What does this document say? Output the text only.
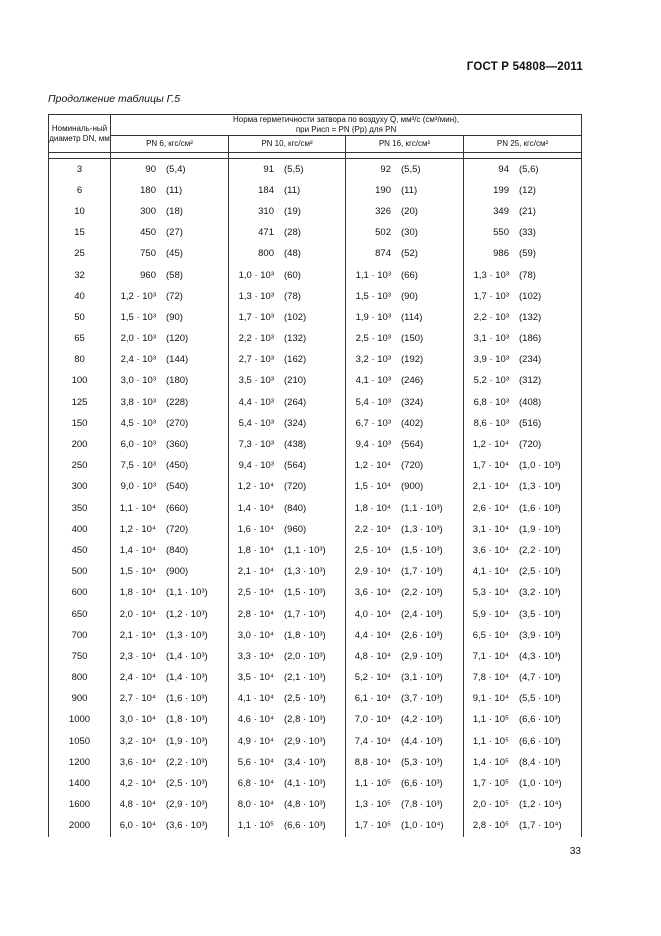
ГОСТ Р 54808—2011
Продолжение таблицы Г.5
Номиналь-ный диаметр DN, мм	Норма герметичности затвора по воздуху Q, мм³/с (см³/мин),
при Pисп = PN (Pр) для PN			

	PN 6, кгс/см²	PN 10, кгс/см²	PN 16, кгс/см²	PN 25, кгс/см²

3	90 (5,4)	91 (5,5)	92 (5,5)	94 (5,6)

6	180 (11)	184 (11)	190 (11)	199 (12)

10	300 (18)	310 (19)	326 (20)	349 (21)

15	450 (27)	471 (28)	502 (30)	550 (33)

25	750 (45)	800 (48)	874 (52)	986 (59)

32	960 (58)	1,0 · 10³ (60)	1,1 · 10³ (66)	1,3 · 10³ (78)

40	1,2 · 10³ (72)	1,3 · 10³ (78)	1,5 · 10³ (90)	1,7 · 10³ (102)

50	1,5 · 10³ (90)	1,7 · 10³ (102)	1,9 · 10³ (114)	2,2 · 10³ (132)

65	2,0 · 10³ (120)	2,2 · 10³ (132)	2,5 · 10³ (150)	3,1 · 10³ (186)

80	2,4 · 10³ (144)	2,7 · 10³ (162)	3,2 · 10³ (192)	3,9 · 10³ (234)

100	3,0 · 10³ (180)	3,5 · 10³ (210)	4,1 · 10³ (246)	5,2 · 10³ (312)

125	3,8 · 10³ (228)	4,4 · 10³ (264)	5,4 · 10³ (324)	6,8 · 10³ (408)

150	4,5 · 10³ (270)	5,4 · 10³ (324)	6,7 · 10³ (402)	8,6 · 10³ (516)

200	6,0 · 10³ (360)	7,3 · 10³ (438)	9,4 · 10³ (564)	1,2 · 10⁴ (720)

250	7,5 · 10³ (450)	9,4 · 10³ (564)	1,2 · 10⁴ (720)	1,7 · 10⁴ (1,0 · 10³)

300	9,0 · 10³ (540)	1,2 · 10⁴ (720)	1,5 · 10⁴ (900)	2,1 · 10⁴ (1,3 · 10³)

350	1,1 · 10⁴ (660)	1,4 · 10⁴ (840)	1,8 · 10⁴ (1,1 · 10³)	2,6 · 10⁴ (1,6 · 10³)

400	1,2 · 10⁴ (720)	1,6 · 10⁴ (960)	2,2 · 10⁴ (1,3 · 10³)	3,1 · 10⁴ (1,9 · 10³)

450	1,4 · 10⁴ (840)	1,8 · 10⁴ (1,1 · 10³)	2,5 · 10⁴ (1,5 · 10³)	3,6 · 10⁴ (2,2 · 10³)

500	1,5 · 10⁴ (900)	2,1 · 10⁴ (1,3 · 10³)	2,9 · 10⁴ (1,7 · 10³)	4,1 · 10⁴ (2,5 · 10³)

600	1,8 · 10⁴ (1,1 · 10³)	2,5 · 10⁴ (1,5 · 10³)	3,6 · 10⁴ (2,2 · 10³)	5,3 · 10⁴ (3,2 · 10³)

650	2,0 · 10⁴ (1,2 · 10³)	2,8 · 10⁴ (1,7 · 10³)	4,0 · 10⁴ (2,4 · 10³)	5,9 · 10⁴ (3,5 · 10³)

700	2,1 · 10⁴ (1,3 · 10³)	3,0 · 10⁴ (1,8 · 10³)	4,4 · 10⁴ (2,6 · 10³)	6,5 · 10⁴ (3,9 · 10³)

750	2,3 · 10⁴ (1,4 · 10³)	3,3 · 10⁴ (2,0 · 10³)	4,8 · 10⁴ (2,9 · 10³)	7,1 · 10⁴ (4,3 · 10³)

800	2,4 · 10⁴ (1,4 · 10³)	3,5 · 10⁴ (2,1 · 10³)	5,2 · 10⁴ (3,1 · 10³)	7,8 · 10⁴ (4,7 · 10³)

900	2,7 · 10⁴ (1,6 · 10³)	4,1 · 10⁴ (2,5 · 10³)	6,1 · 10⁴ (3,7 · 10³)	9,1 · 10⁴ (5,5 · 10³)

1000	3,0 · 10⁴ (1,8 · 10³)	4,6 · 10⁴ (2,8 · 10³)	7,0 · 10⁴ (4,2 · 10³)	1,1 · 10⁵ (6,6 · 10³)

1050	3,2 · 10⁴ (1,9 · 10³)	4,9 · 10⁴ (2,9 · 10³)	7,4 · 10⁴ (4,4 · 10³)	1,1 · 10⁵ (6,6 · 10³)

1200	3,6 · 10⁴ (2,2 · 10³)	5,6 · 10⁴ (3,4 · 10³)	8,8 · 10⁴ (5,3 · 10³)	1,4 · 10⁵ (8,4 · 10³)

1400	4,2 · 10⁴ (2,5 · 10³)	6,8 · 10⁴ (4,1 · 10³)	1,1 · 10⁵ (6,6 · 10³)	1,7 · 10⁵ (1,0 · 10⁴)

1600	4,8 · 10⁴ (2,9 · 10³)	8,0 · 10⁴ (4,8 · 10³)	1,3 · 10⁵ (7,8 · 10³)	2,0 · 10⁵ (1,2 · 10⁴)

2000	6,0 · 10⁴ (3,6 · 10³)	1,1 · 10⁵ (6,6 · 10³)	1,7 · 10⁵ (1,0 · 10⁴)	2,8 · 10⁵ (1,7 · 10⁴)
33
